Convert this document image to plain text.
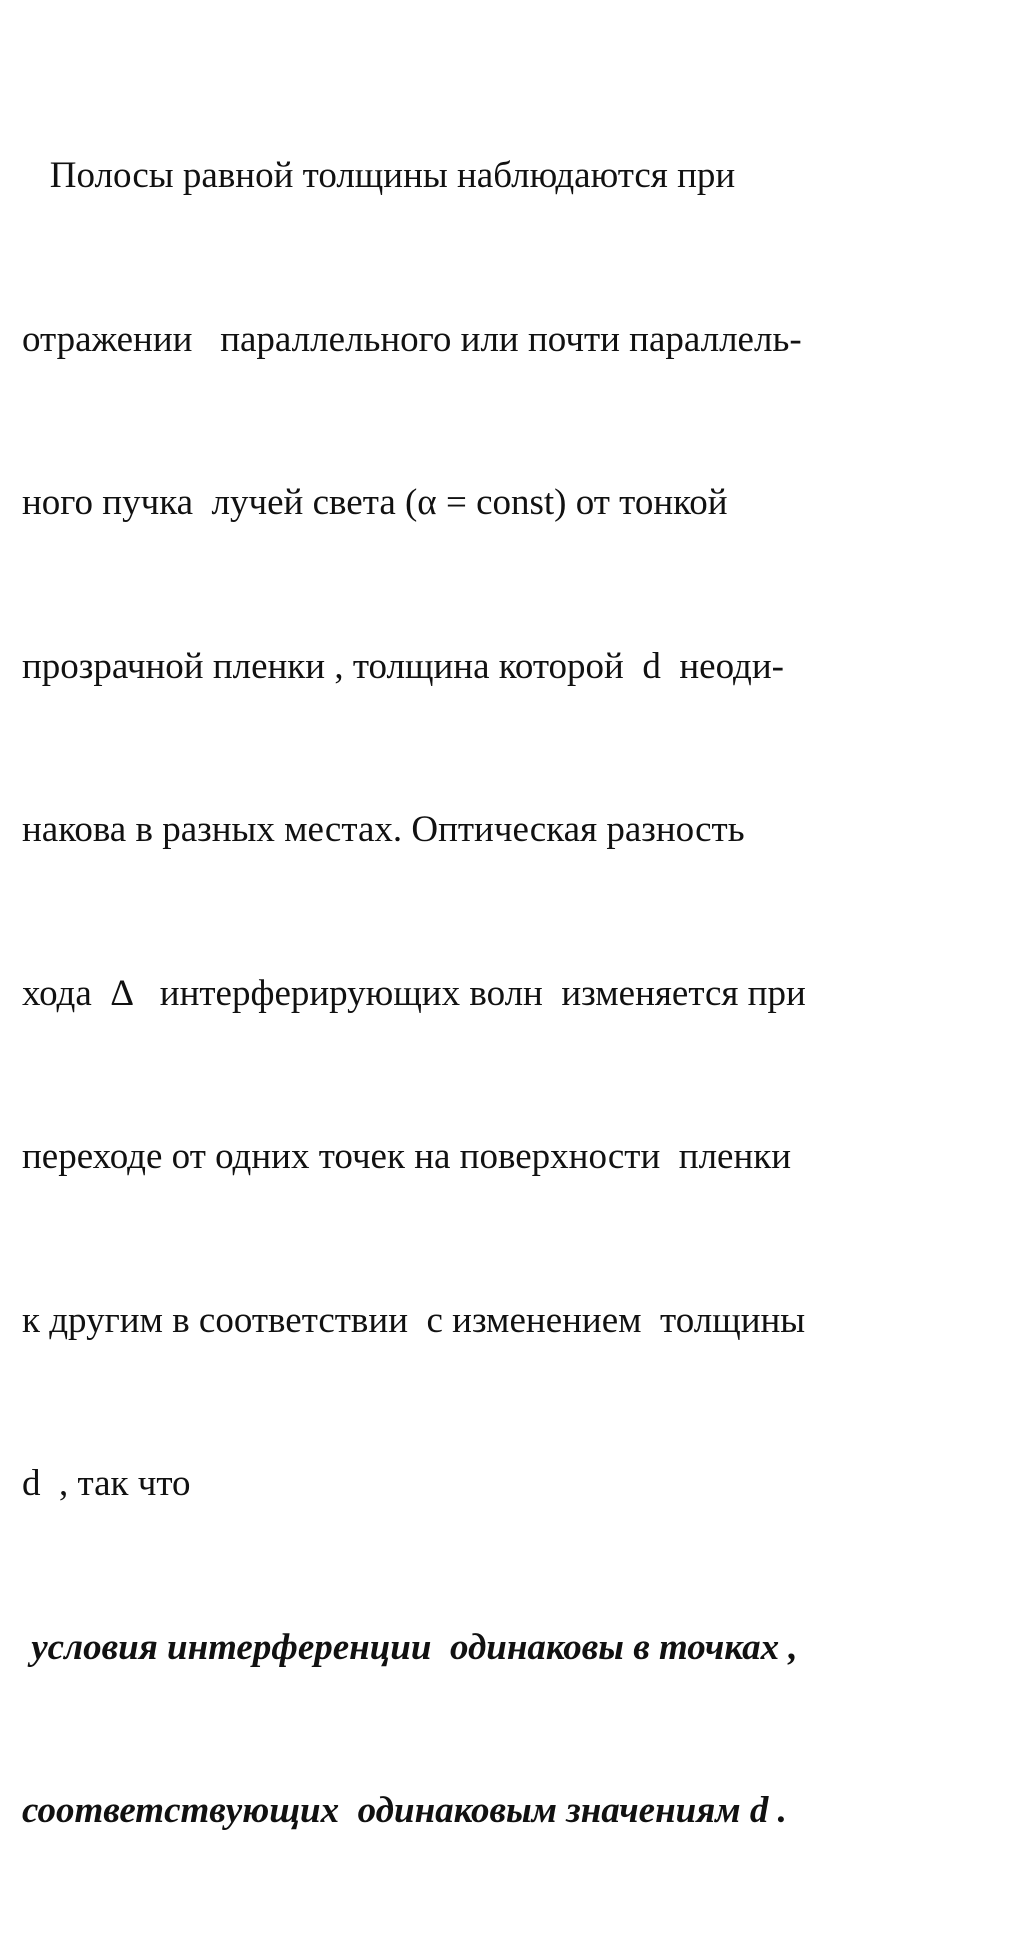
Полосы равной толщины наблюдаются при

отражении   параллельного или почти параллель-

ного пучка  лучей света (α = const) от тонкой

прозрачной пленки , толщина которой  d  неоди-

накова в разных местах. Оптическая разность

хода  Δ   интерферирующих волн  изменяется при

переходе от одних точек на поверхности  пленки

к другим в соответствии  с изменением  толщины

d  , так что

условия интерференции  одинаковы в точках ,

соответствующих  одинаковым значениям d .
